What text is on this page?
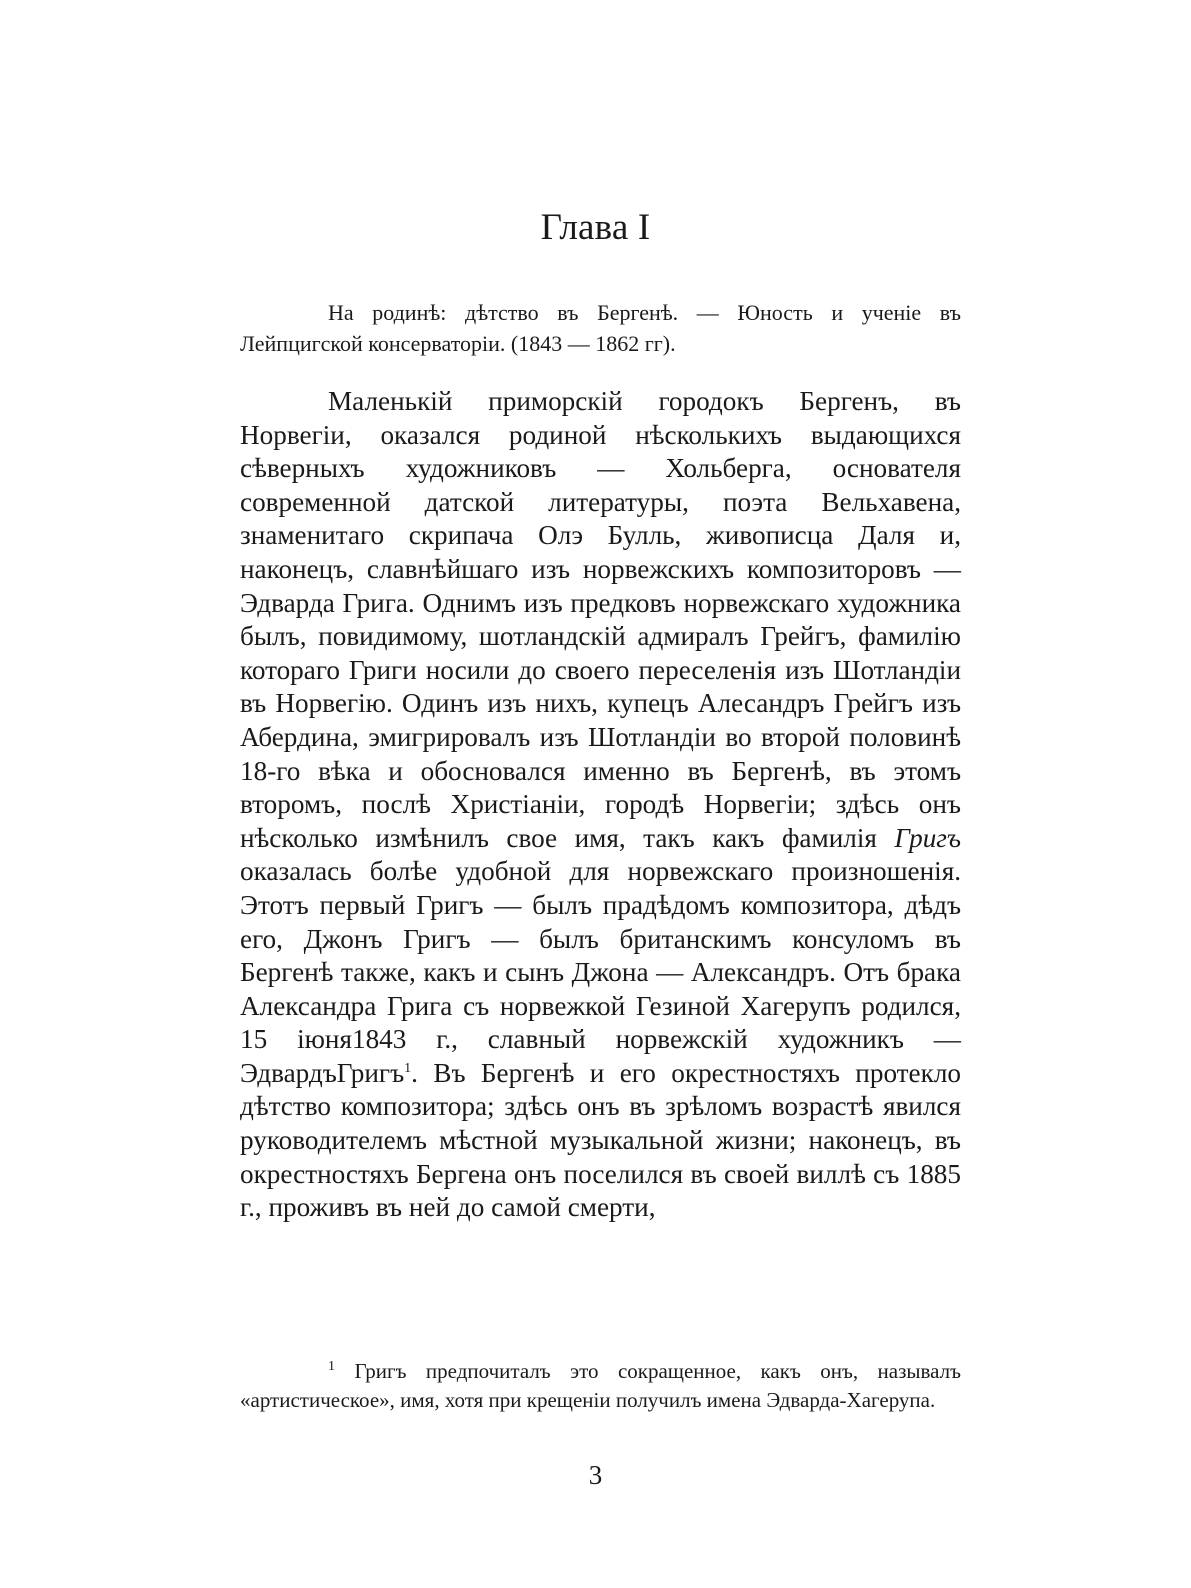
Глава I

На родинѣ: дѣтство въ Бергенѣ. — Юность и ученіе въ Лейпцигской консерваторіи. (1843 — 1862 гг).

Маленькій приморскій городокъ Бергенъ, въ Норвегіи, оказался родиной нѣсколькихъ выдающихся сѣверныхъ художниковъ — Хольберга, основателя современной датской литературы, поэта Вельхавена, знаменитаго скрипача Олэ Булль, живописца Даля и, наконецъ, славнѣйшаго изъ норвежскихъ композиторовъ — Эдварда Грига. Однимъ изъ предковъ норвежскаго художника былъ, повидимому, шотландскій адмиралъ Грейгъ, фамилію котораго Григи носили до своего переселенія изъ Шотландіи въ Норвегію. Одинъ изъ нихъ, купецъ Алесандръ Грейгъ изъ Абердина, эмигрировалъ изъ Шотландіи во второй половинѣ 18-го вѣка и обосновался именно въ Бергенѣ, въ этомъ второмъ, послѣ Христіаніи, городѣ Норвегіи; здѣсь онъ нѣсколько измѣнилъ свое имя, такъ какъ фамилія Григъ оказалась болѣе удобной для норвежскаго произношенія. Этотъ первый Григъ — былъ прадѣдомъ композитора, дѣдъ его, Джонъ Григъ — былъ британскимъ консуломъ въ Бергенѣ также, какъ и сынъ Джона — Александръ. Отъ брака Александра Грига съ норвежкой Гезиной Хагерупъ родился, 15 іюня1843 г., славный норвежскій художникъ — ЭдвардъГригъ$^1$. Въ Бергенѣ и его окрестностяхъ протекло дѣтство композитора; здѣсь онъ въ зрѣломъ возрастѣ явился руководителемъ мѣстной музыкальной жизни; наконецъ, въ окрестностяхъ Бергена онъ поселился въ своей виллѣ съ 1885 г., проживъ въ ней до самой смерти,

$^1$ Григъ предпочиталъ это сокращенное, какъ онъ, называлъ «артистическое», имя, хотя при крещеніи получилъ имена Эдварда-Хагерупа.

3
